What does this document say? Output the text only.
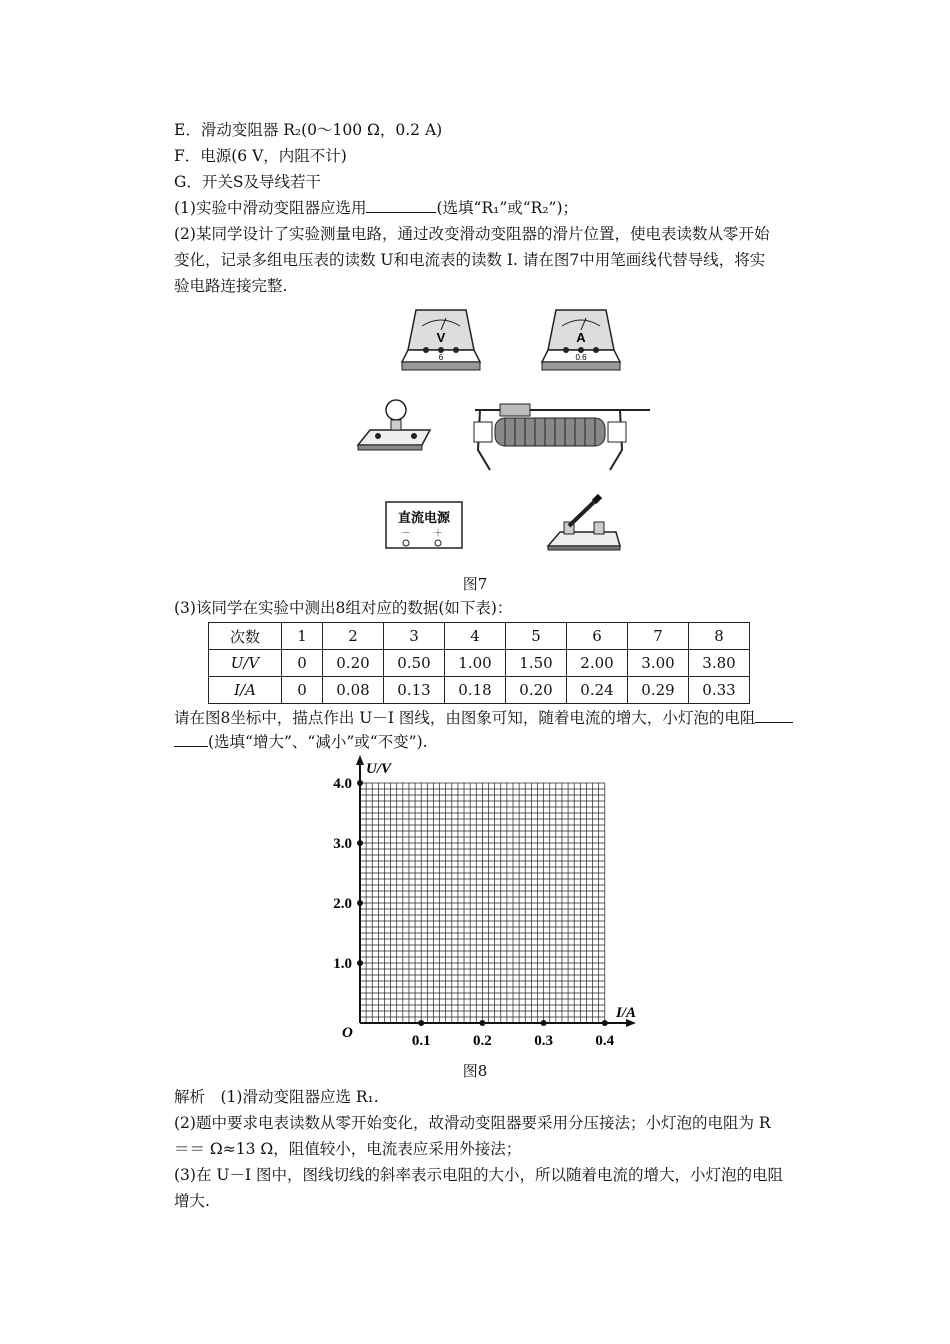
E．滑动变阻器 R₂(0～100 Ω，0.2 A)
F．电源(6 V，内阻不计)
G．开关S及导线若干
(1)实验中滑动变阻器应选用	(选填“R₁”或“R₂”)；
(2)某同学设计了实验测量电路，通过改变滑动变阻器的滑片位置，使电表读数从零开始
变化，记录多组电压表的读数 U和电流表的读数 I. 请在图7中用笔画线代替导线，将实
验电路连接完整.
V
6
A
0.6
直流电源
－	＋
图7
(3)该同学在实验中测出8组对应的数据(如下表)：
次数	1	2	3	4	5	6	7	8
U/V	0	0.20	0.50	1.00	1.50	2.00	3.00	3.80
I/A	0	0.08	0.13	0.18	0.20	0.24	0.29	0.33
请在图8坐标中，描点作出 U－I 图线，由图象可知，随着电流的增大，小灯泡的电阻
(选填“增大”、“减小”或“不变”).
U/V
I/A
O
1.0
2.0
3.0
4.0
0.1	0.2	0.3	0.4
图8
解析　(1)滑动变阻器应选 R₁.
(2)题中要求电表读数从零开始变化，故滑动变阻器要采用分压接法；小灯泡的电阻为 R
＝＝ Ω≈13 Ω，阻值较小，电流表应采用外接法；
(3)在 U－I 图中，图线切线的斜率表示电阻的大小，所以随着电流的增大，小灯泡的电阻
增大.
